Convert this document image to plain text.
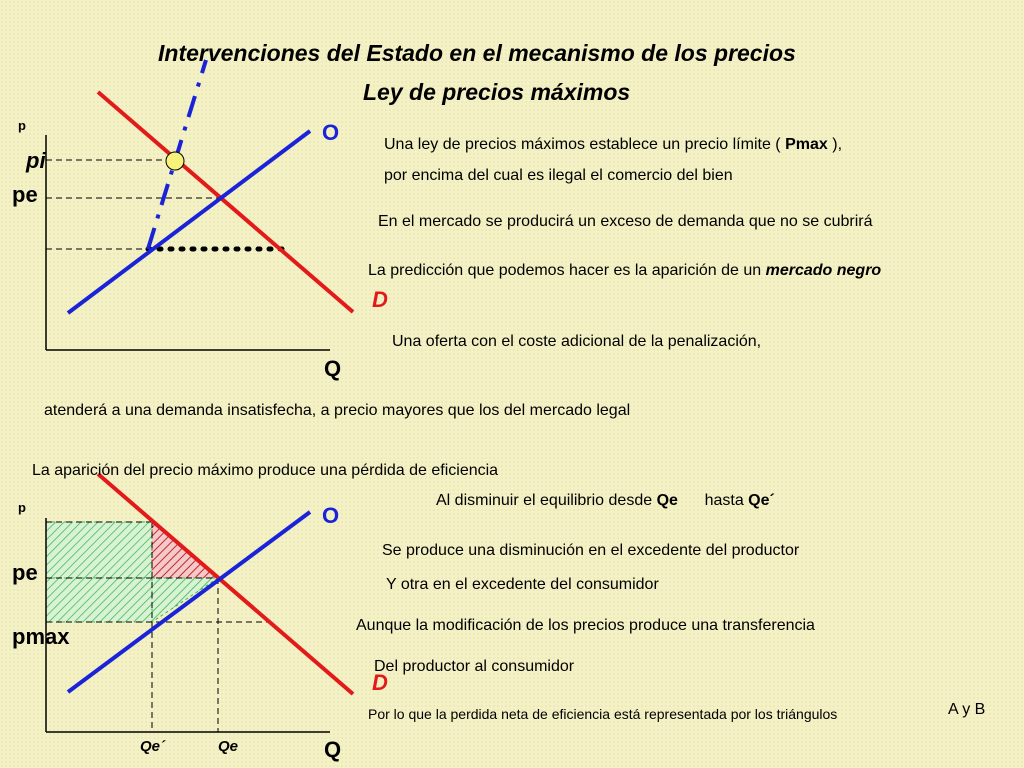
Intervenciones del Estado en el mecanismo de los precios
Ley de precios máximos
p
pi
pe
O
D
Q
Una ley de precios máximos establece un precio límite ( Pmax ),
por encima del cual es ilegal el comercio del bien
En el mercado se producirá un exceso de demanda que no se cubrirá
La predicción que podemos hacer es la aparición de un mercado negro
Una oferta con el coste adicional de la penalización,
atenderá a una demanda insatisfecha, a precio mayores que los del mercado legal
La aparición del precio máximo produce una pérdida de eficiencia
p
pe
pmax
Qe´	Qe
O
D
Q
Al disminuir el equilibrio desde Qe hasta Qe´
Se produce una disminución en el excedente del productor
Y otra en el excedente del consumidor
Aunque la modificación de los precios produce una transferencia
Del productor al consumidor
Por lo que la perdida neta de eficiencia está representada por los triángulos	A y B
